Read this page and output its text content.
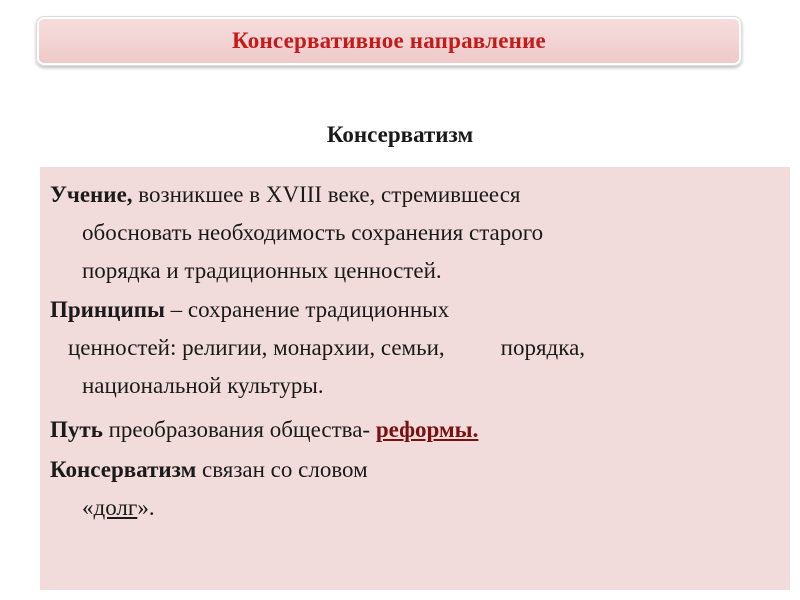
Консервативное направление
Консерватизм

Учение, возникшее в XVIII веке, стремившееся
обосновать необходимость сохранения старого
порядка и традиционных ценностей.

Принципы – сохранение традиционных
ценностей: религии, монархии, семьи, порядка,
национальной культуры.

Путь преобразования общества- реформы.

Консерватизм связан со словом
«долг».
